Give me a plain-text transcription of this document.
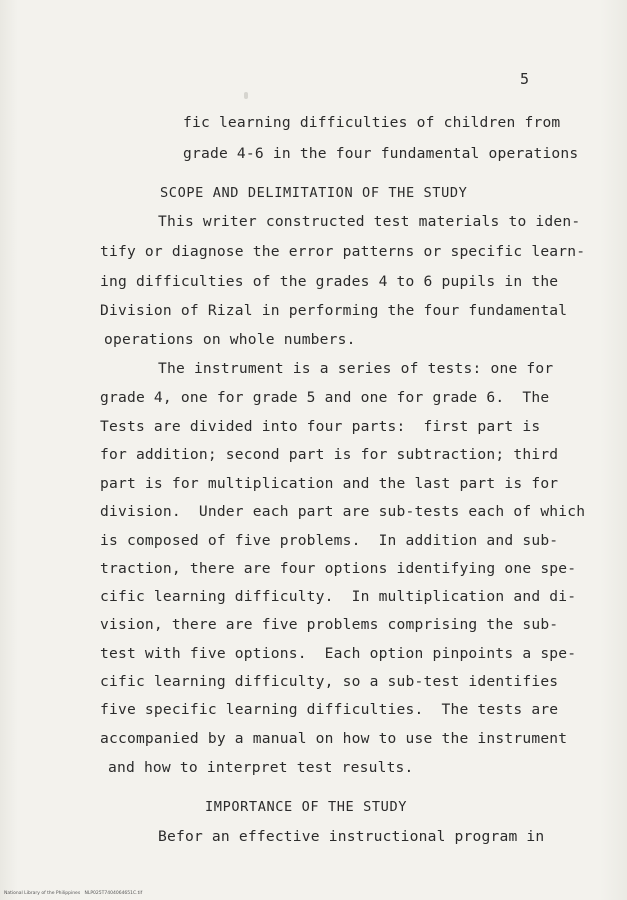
5
fic learning difficulties of children from
grade 4-6 in the four fundamental operations
SCOPE AND DELIMITATION OF THE STUDY
This writer constructed test materials to iden-
tify or diagnose the error patterns or specific learn-
ing difficulties of the grades 4 to 6 pupils in the
Division of Rizal in performing the four fundamental
operations on whole numbers.
The instrument is a series of tests: one for
grade 4, one for grade 5 and one for grade 6.  The
Tests are divided into four parts:  first part is
for addition; second part is for subtraction; third
part is for multiplication and the last part is for
division.  Under each part are sub-tests each of which
is composed of five problems.  In addition and sub-
traction, there are four options identifying one spe-
cific learning difficulty.  In multiplication and di-
vision, there are five problems comprising the sub-
test with five options.  Each option pinpoints a spe-
cific learning difficulty, so a sub-test identifies
five specific learning difficulties.  The tests are
accompanied by a manual on how to use the instrument
and how to interpret test results.
IMPORTANCE OF THE STUDY
Befor an effective instructional program in
National Library of the Philippines   NLP025T7404064651C.tif
